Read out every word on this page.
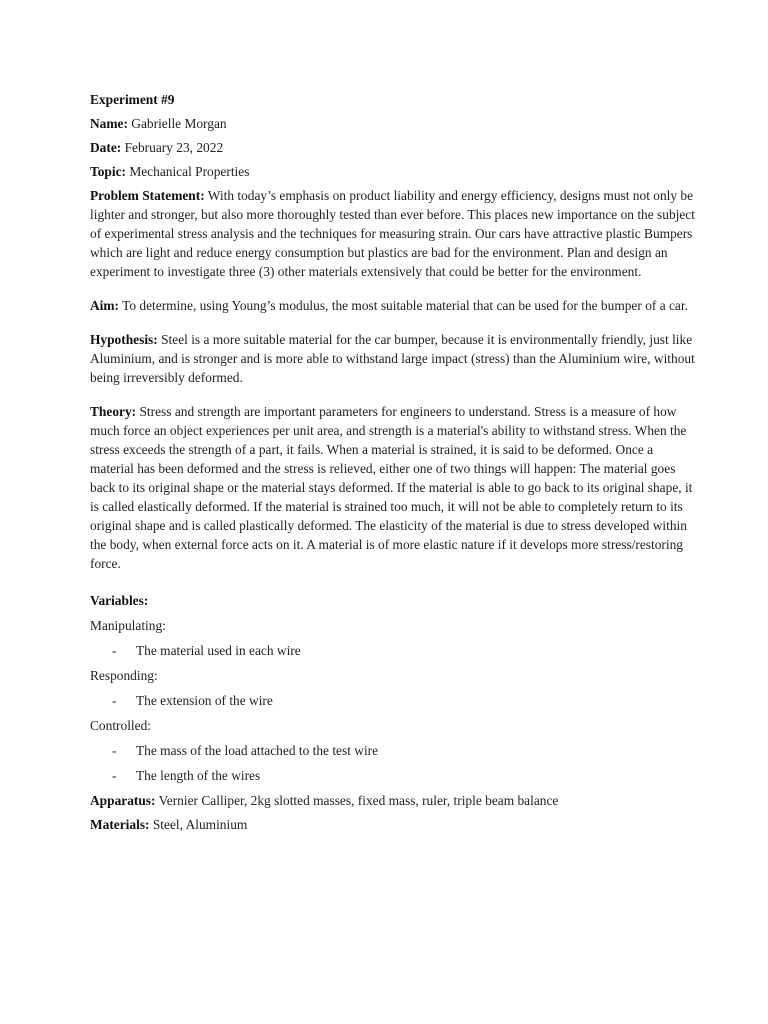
Experiment #9
Name: Gabrielle Morgan
Date: February 23, 2022
Topic: Mechanical Properties
Problem Statement: With today’s emphasis on product liability and energy efficiency, designs must not only be lighter and stronger, but also more thoroughly tested than ever before. This places new importance on the subject of experimental stress analysis and the techniques for measuring strain. Our cars have attractive plastic Bumpers which are light and reduce energy consumption but plastics are bad for the environment. Plan and design an experiment to investigate three (3) other materials extensively that could be better for the environment.
Aim: To determine, using Young’s modulus, the most suitable material that can be used for the bumper of a car.
Hypothesis: Steel is a more suitable material for the car bumper, because it is environmentally friendly, just like Aluminium, and is stronger and is more able to withstand large impact (stress) than the Aluminium wire, without being irreversibly deformed.
Theory: Stress and strength are important parameters for engineers to understand. Stress is a measure of how much force an object experiences per unit area, and strength is a material's ability to withstand stress. When the stress exceeds the strength of a part, it fails. When a material is strained, it is said to be deformed. Once a material has been deformed and the stress is relieved, either one of two things will happen: The material goes back to its original shape or the material stays deformed. If the material is able to go back to its original shape, it is called elastically deformed. If the material is strained too much, it will not be able to completely return to its original shape and is called plastically deformed. The elasticity of the material is due to stress developed within the body, when external force acts on it. A material is of more elastic nature if it develops more stress/restoring force.
Variables:
Manipulating:
-	The material used in each wire
Responding:
-	The extension of the wire
Controlled:
-	The mass of the load attached to the test wire
-	The length of the wires
Apparatus: Vernier Calliper, 2kg slotted masses, fixed mass, ruler, triple beam balance
Materials: Steel, Aluminium
